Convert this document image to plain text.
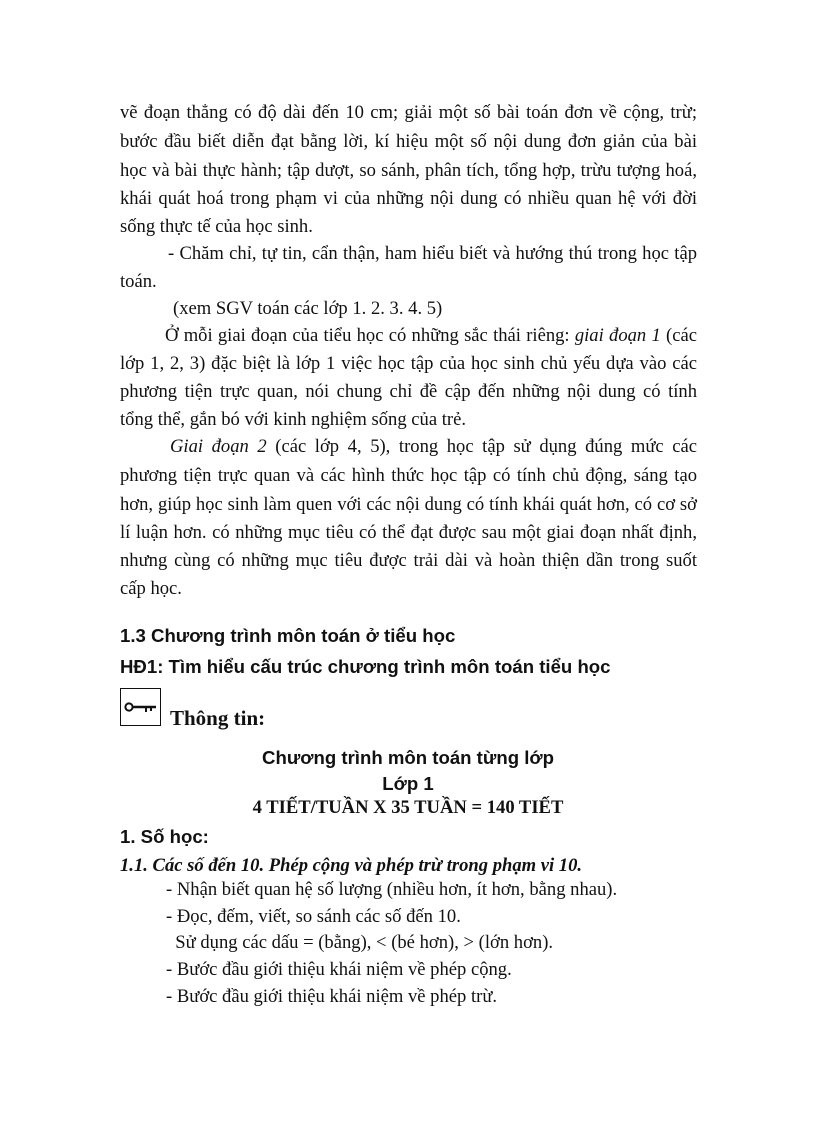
vẽ đoạn thẳng có độ dài đến 10 cm; giải một số bài toán đơn về cộng, trừ;
bước đầu biết diễn đạt bằng lời, kí hiệu một số nội dung đơn giản của bài
học và bài thực hành; tập dượt, so sánh, phân tích, tổng hợp, trừu tượng hoá,
khái quát hoá trong phạm vi của những nội dung có nhiều quan hệ với đời
sống thực tế của học sinh.
- Chăm chỉ, tự tin, cẩn thận, ham hiểu biết và hướng thú trong học tập
toán.
(xem SGV toán các lớp 1. 2. 3. 4. 5)
Ở mỗi giai đoạn của tiểu học có những sắc thái riêng: giai đoạn 1 (các
lớp 1, 2, 3) đặc biệt là lớp 1 việc học tập của học sinh chủ yếu dựa vào các
phương tiện trực quan, nói chung chỉ đề cập đến những nội dung có tính
tổng thể, gắn bó với kinh nghiệm sống của trẻ.
Giai đoạn 2 (các lớp 4, 5), trong học tập sử dụng đúng mức các
phương tiện trực quan và các hình thức học tập có tính chủ động, sáng tạo
hơn, giúp học sinh làm quen với các nội dung có tính khái quát hơn, có cơ sở
lí luận hơn. có những mục tiêu có thể đạt được sau một giai đoạn nhất định,
nhưng cùng có những mục tiêu được trải dài và hoàn thiện dần trong suốt
cấp học.
1.3 Chương trình môn toán ở tiểu học
HĐ1: Tìm hiểu cấu trúc chương trình môn toán tiểu học
Thông tin:
Chương trình môn toán từng lớp
Lớp 1
4 TIẾT/TUẦN X 35 TUẦN = 140 TIẾT
1. Số học:
1.1. Các số đến 10. Phép cộng và phép trừ trong phạm vi 10.
- Nhận biết quan hệ số lượng (nhiều hơn, ít hơn, bằng nhau).
- Đọc, đếm, viết, so sánh các số đến 10.
Sử dụng các dấu = (bằng), < (bé hơn), > (lớn hơn).
- Bước đầu giới thiệu khái niệm về phép cộng.
- Bước đầu giới thiệu khái niệm về phép trừ.
